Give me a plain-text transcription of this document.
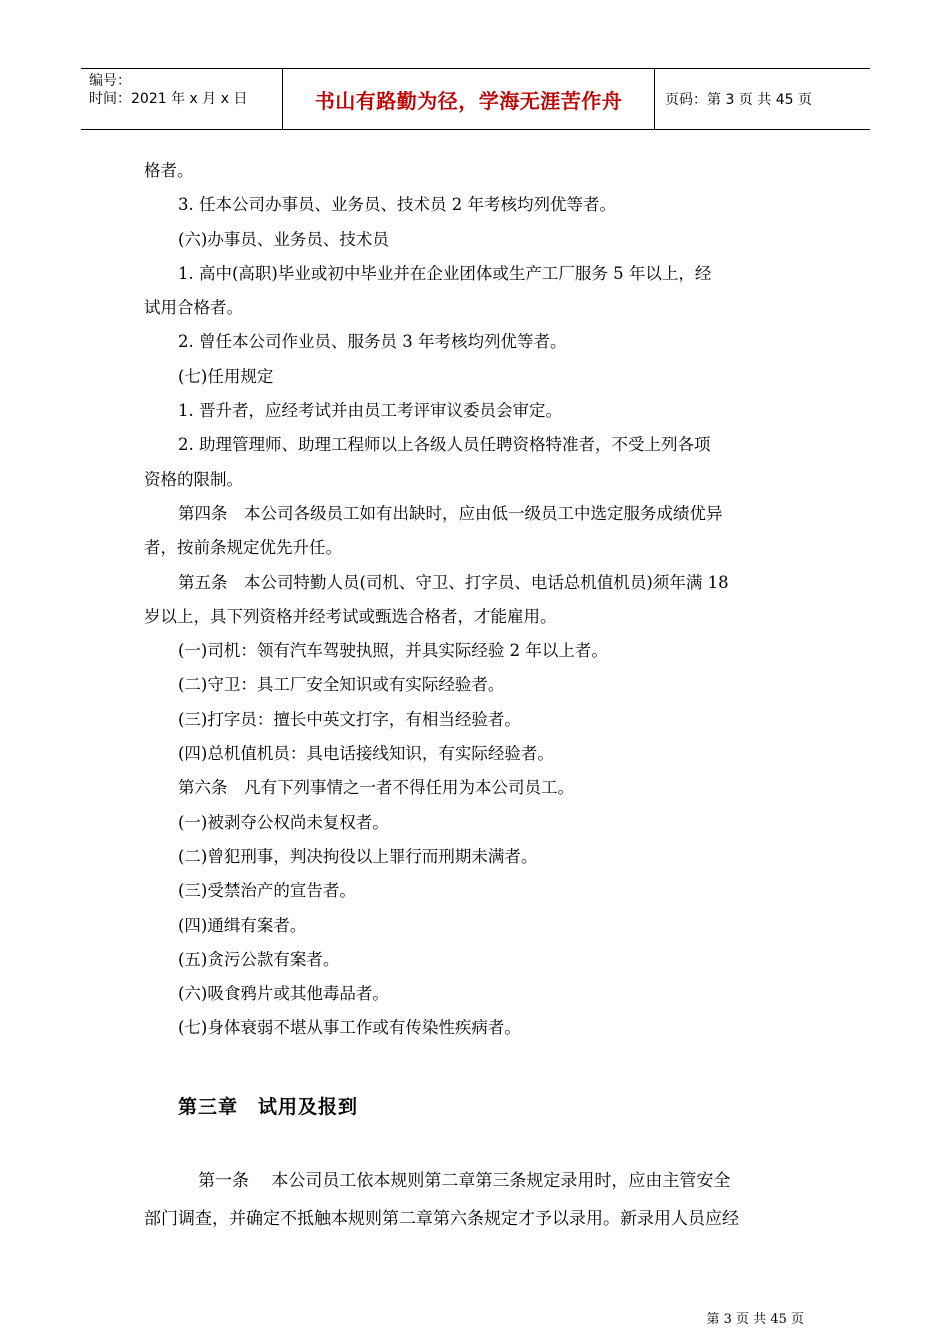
编号：
时间：2021 年 x 月 x 日	书山有路勤为径，学海无涯苦作舟	页码：第 3 页 共 45 页

格者。

3. 任本公司办事员、业务员、技术员 2 年考核均列优等者。

(六)办事员、业务员、技术员

1. 高中(高职)毕业或初中毕业并在企业团体或生产工厂服务 5 年以上，经

试用合格者。

2. 曾任本公司作业员、服务员 3 年考核均列优等者。

(七)任用规定

1. 晋升者，应经考试并由员工考评审议委员会审定。

2. 助理管理师、助理工程师以上各级人员任聘资格特准者，不受上列各项

资格的限制。

第四条　本公司各级员工如有出缺时，应由低一级员工中选定服务成绩优异

者，按前条规定优先升任。

第五条　本公司特勤人员(司机、守卫、打字员、电话总机值机员)须年满 18

岁以上，具下列资格并经考试或甄选合格者，才能雇用。

(一)司机：领有汽车驾驶执照，并具实际经验 2 年以上者。

(二)守卫：具工厂安全知识或有实际经验者。

(三)打字员：擅长中英文打字，有相当经验者。

(四)总机值机员：具电话接线知识，有实际经验者。

第六条　凡有下列事情之一者不得任用为本公司员工。

(一)被剥夺公权尚未复权者。

(二)曾犯刑事，判决拘役以上罪行而刑期未满者。

(三)受禁治产的宣告者。

(四)通缉有案者。

(五)贪污公款有案者。

(六)吸食鸦片或其他毒品者。

(七)身体衰弱不堪从事工作或有传染性疾病者。

第三章　试用及报到

第一条　 本公司员工依本规则第二章第三条规定录用时，应由主管安全

部门调查，并确定不抵触本规则第二章第六条规定才予以录用。新录用人员应经

第 3 页 共 45 页
